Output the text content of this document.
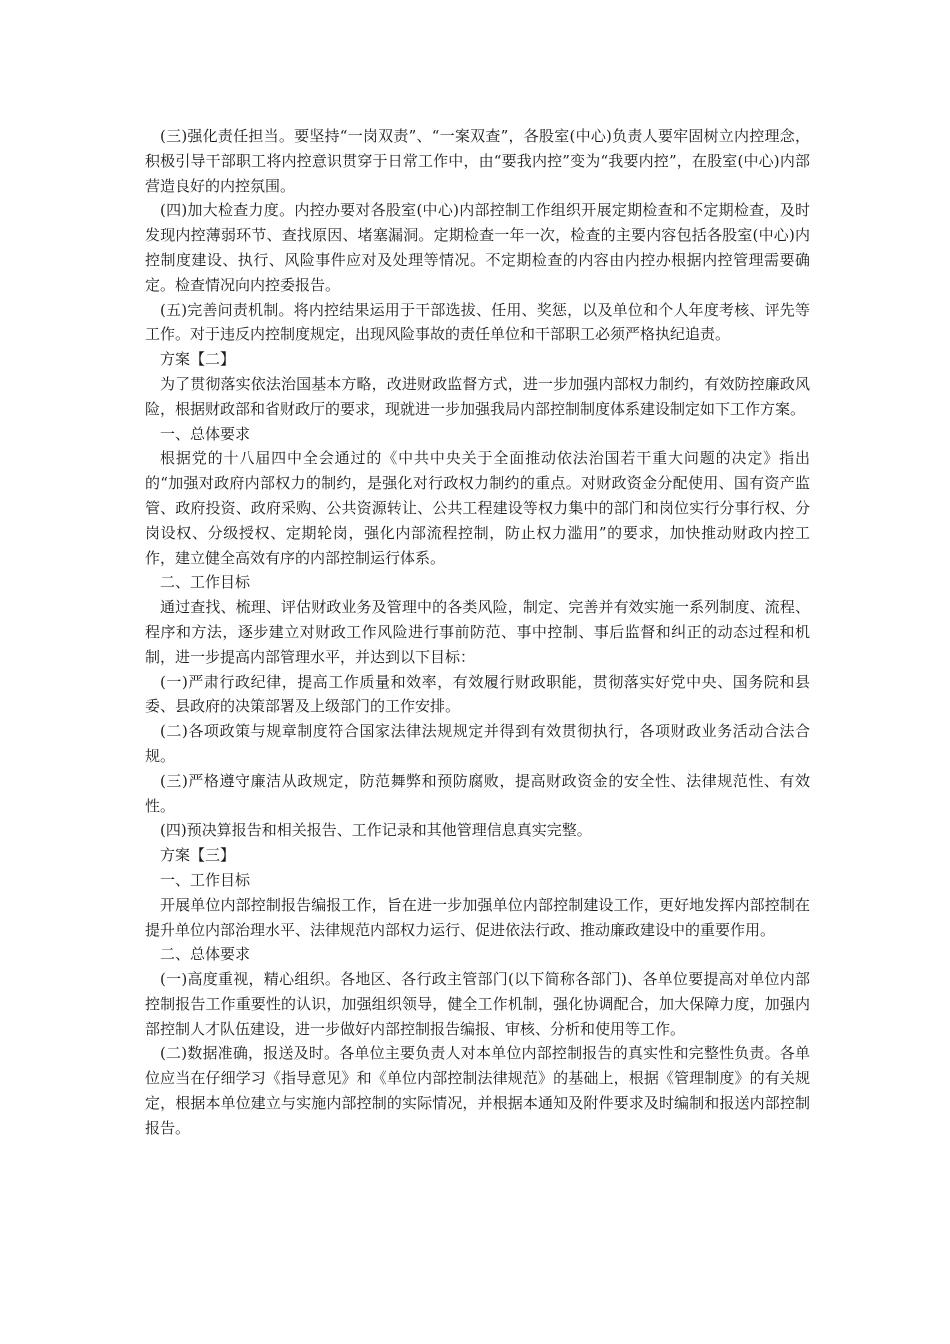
(三)强化责任担当。要坚持“一岗双责”、“一案双查”，各股室(中心)负责人要牢固树立内控理念，积极引导干部职工将内控意识贯穿于日常工作中，由“要我内控”变为“我要内控”，在股室(中心)内部营造良好的内控氛围。

(四)加大检查力度。内控办要对各股室(中心)内部控制工作组织开展定期检查和不定期检查，及时发现内控薄弱环节、查找原因、堵塞漏洞。定期检查一年一次，检查的主要内容包括各股室(中心)内控制度建设、执行、风险事件应对及处理等情况。不定期检查的内容由内控办根据内控管理需要确定。检查情况向内控委报告。

(五)完善问责机制。将内控结果运用于干部选拔、任用、奖惩，以及单位和个人年度考核、评先等工作。对于违反内控制度规定，出现风险事故的责任单位和干部职工必须严格执纪追责。

方案【二】

为了贯彻落实依法治国基本方略，改进财政监督方式，进一步加强内部权力制约，有效防控廉政风险，根据财政部和省财政厅的要求，现就进一步加强我局内部控制制度体系建设制定如下工作方案。

一、总体要求

根据党的十八届四中全会通过的《中共中央关于全面推动依法治国若干重大问题的决定》指出的“加强对政府内部权力的制约，是强化对行政权力制约的重点。对财政资金分配使用、国有资产监管、政府投资、政府采购、公共资源转让、公共工程建设等权力集中的部门和岗位实行分事行权、分岗设权、分级授权、定期轮岗，强化内部流程控制，防止权力滥用”的要求，加快推动财政内控工作，建立健全高效有序的内部控制运行体系。

二、工作目标

通过查找、梳理、评估财政业务及管理中的各类风险，制定、完善并有效实施一系列制度、流程、程序和方法，逐步建立对财政工作风险进行事前防范、事中控制、事后监督和纠正的动态过程和机制，进一步提高内部管理水平，并达到以下目标：

(一)严肃行政纪律，提高工作质量和效率，有效履行财政职能，贯彻落实好党中央、国务院和县委、县政府的决策部署及上级部门的工作安排。

(二)各项政策与规章制度符合国家法律法规规定并得到有效贯彻执行，各项财政业务活动合法合规。

(三)严格遵守廉洁从政规定，防范舞弊和预防腐败，提高财政资金的安全性、法律规范性、有效性。

(四)预决算报告和相关报告、工作记录和其他管理信息真实完整。

方案【三】

一、工作目标

开展单位内部控制报告编报工作，旨在进一步加强单位内部控制建设工作，更好地发挥内部控制在提升单位内部治理水平、法律规范内部权力运行、促进依法行政、推动廉政建设中的重要作用。

二、总体要求

(一)高度重视，精心组织。各地区、各行政主管部门(以下简称各部门)、各单位要提高对单位内部控制报告工作重要性的认识，加强组织领导，健全工作机制，强化协调配合，加大保障力度，加强内部控制人才队伍建设，进一步做好内部控制报告编报、审核、分析和使用等工作。

(二)数据准确，报送及时。各单位主要负责人对本单位内部控制报告的真实性和完整性负责。各单位应当在仔细学习《指导意见》和《单位内部控制法律规范》的基础上，根据《管理制度》的有关规定，根据本单位建立与实施内部控制的实际情况，并根据本通知及附件要求及时编制和报送内部控制报告。
